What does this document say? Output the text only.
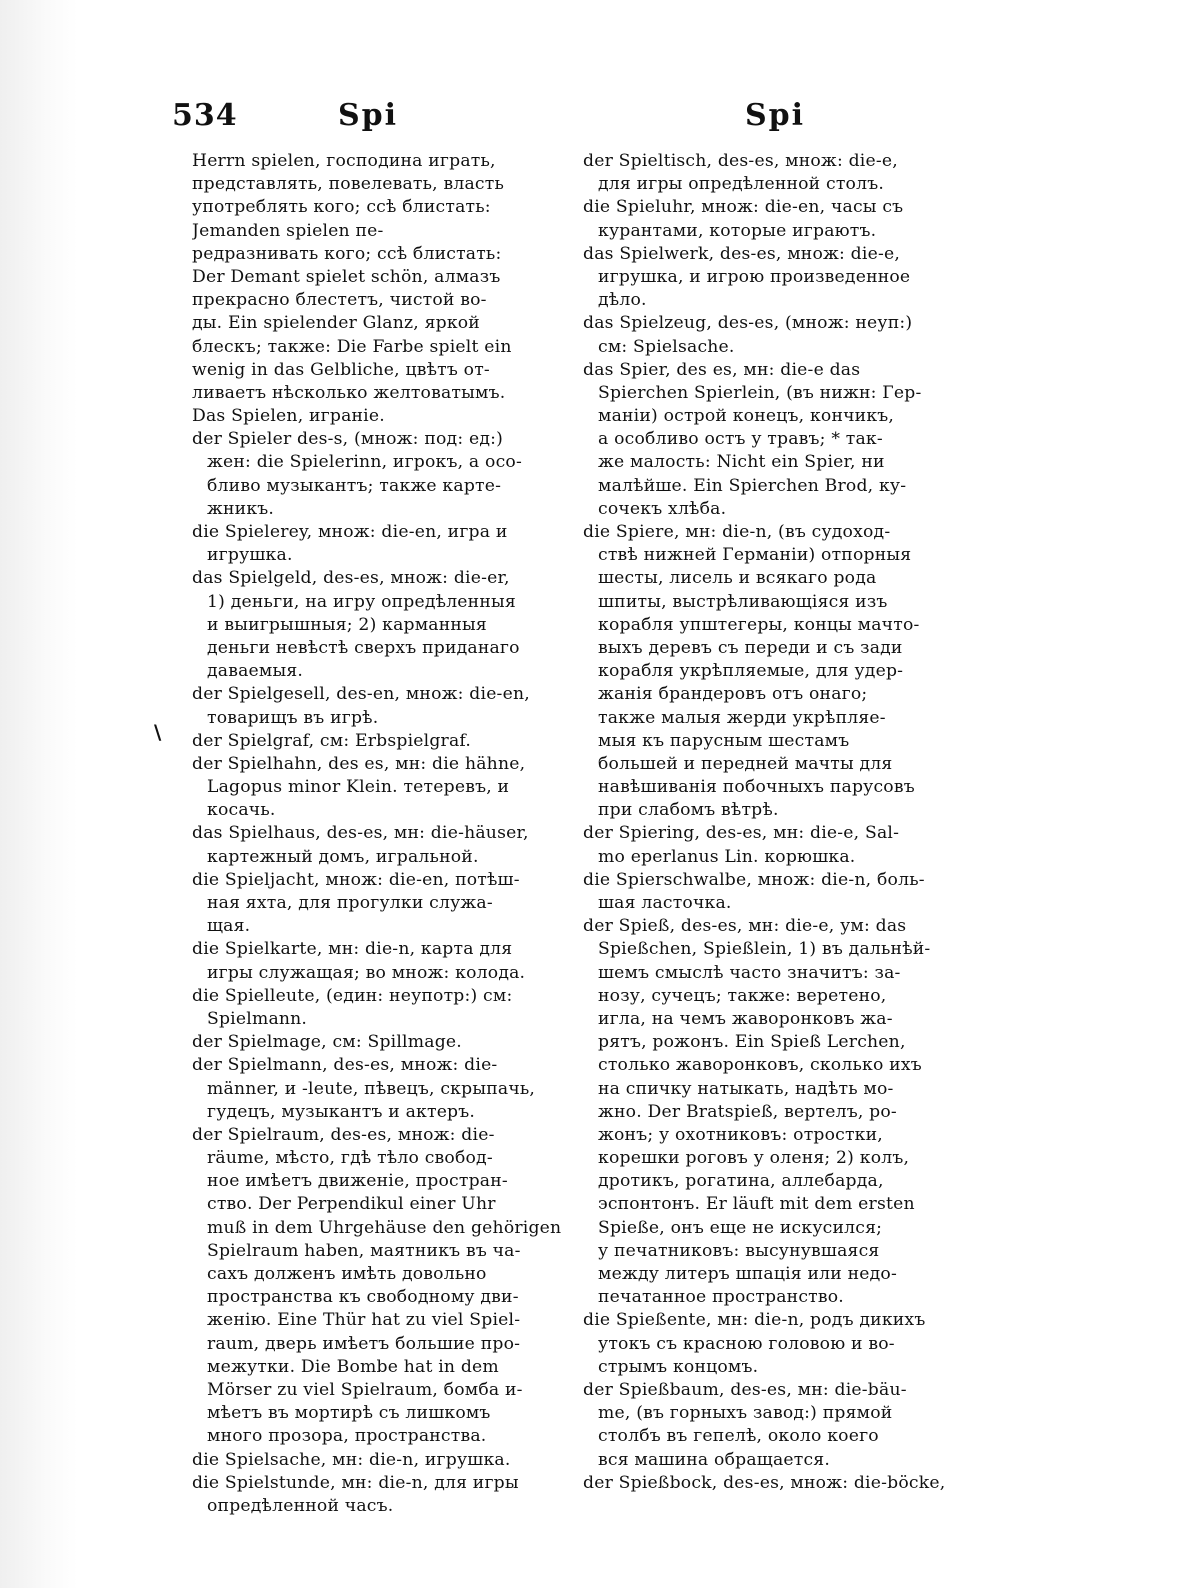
534	Spi	Spi
\
Herrn spielen, господина играть,
представлять, повелевать, власть
употреблять кого; ссѣ блистать:
Jemanden spielen пе-
редразнивать кого; ссѣ блистать:
Der Demant spielet schön, алмазъ
прекрасно блестетъ, чистой во-
ды. Ein spielender Glanz, яркой
блескъ; также: Die Farbe spielt ein
wenig in das Gelbliche, цвѣтъ от-
ливаетъ нѣсколько желтоватымъ.
Das Spielen, играніе.
der Spieler des-s, (множ: под: ед:)
жен: die Spielerinn, игрокъ, а осо-
бливо музыкантъ; также карте-
жникъ.
die Spielerey, множ: die-en, игра и
игрушка.
das Spielgeld, des-es, множ: die-er,
1) деньги, на игру опредѣленныя
и выигрышныя; 2) карманныя
деньги невѣстѣ сверхъ приданаго
даваемыя.
der Spielgesell, des-en, множ: die-en,
товарищъ въ игрѣ.
der Spielgraf, см: Erbspielgraf.
der Spielhahn, des es, мн: die hähne,
Lagopus minor Klein. тетеревъ, и
косачь.
das Spielhaus, des-es, мн: die-häuser,
картежный домъ, игральной.
die Spieljacht, множ: die-en, потѣш-
ная яхта, для прогулки служа-
щая.
die Spielkarte, мн: die-n, карта для
игры служащая; во множ: колода.
die Spielleute, (един: неупотр:) см:
Spielmann.
der Spielmage, см: Spillmage.
der Spielmann, des-es, множ: die-
männer, и -leute, пѣвецъ, скрыпачь,
гудецъ, музыкантъ и актеръ.
der Spielraum, des-es, множ: die-
räume, мѣсто, гдѣ тѣло свобод-
ное имѣетъ движеніе, простран-
ство. Der Perpendikul einer Uhr
muß in dem Uhrgehäuse den gehörigen
Spielraum haben, маятникъ въ ча-
сахъ долженъ имѣть довольно
пространства къ свободному дви-
женію. Eine Thür hat zu viel Spiel-
raum, дверь имѣетъ большие про-
межутки. Die Bombe hat in dem
Mörser zu viel Spielraum, бомба и-
мѣетъ въ мортирѣ съ лишкомъ
много прозора, пространства.
die Spielsache, мн: die-n, игрушка.
die Spielstunde, мн: die-n, для игры
опредѣленной часъ.
der Spieltisch, des-es, множ: die-e,
для игры опредѣленной столъ.
die Spieluhr, множ: die-en, часы съ
курантами, которые играютъ.
das Spielwerk, des-es, множ: die-e,
игрушка, и игрою произведенное
дѣло.
das Spielzeug, des-es, (множ: неуп:)
см: Spielsache.
das Spier, des es, мн: die-e das
Spierchen Spierlein, (въ нижн: Гер-
маніи) острой конецъ, кончикъ,
а особливо остъ у травъ; * так-
же малость: Nicht ein Spier, ни
малѣйше. Ein Spierchen Brod, ку-
сочекъ хлѣба.
die Spiere, мн: die-n, (въ судоход-
ствѣ нижней Германіи) отпорныя
шесты, лисель и всякаго рода
шпиты, выстрѣливающіяся изъ
корабля упштегеры, концы мачто-
выхъ деревъ съ переди и съ зади
корабля укрѣпляемые, для удер-
жанія брандеровъ отъ онаго;
также малыя жерди укрѣпляе-
мыя къ парусным шестамъ
большей и передней мачты для
навѣшиванія побочныхъ парусовъ
при слабомъ вѣтрѣ.
der Spiering, des-es, мн: die-e, Sal-
mo eperlanus Lin. корюшка.
die Spierschwalbe, множ: die-n, боль-
шая ласточка.
der Spieß, des-es, мн: die-e, ум: das
Spießchen, Spießlein, 1) въ дальнѣй-
шемъ смыслѣ часто значитъ: за-
нозу, сучецъ; также: веретено,
игла, на чемъ жаворонковъ жа-
рятъ, рожонъ. Ein Spieß Lerchen,
столько жаворонковъ, сколько ихъ
на спичку натыкать, надѣть мо-
жно. Der Bratspieß, вертелъ, ро-
жонъ; у охотниковъ: отростки,
корешки роговъ у оленя; 2) колъ,
дротикъ, рогатина, аллебарда,
эспонтонъ. Er läuft mit dem ersten
Spieße, онъ еще не искусился;
у печатниковъ: высунувшаяся
между литеръ шпація или недо-
печатанное пространство.
die Spießente, мн: die-n, родъ дикихъ
утокъ съ красною головою и во-
стрымъ концомъ.
der Spießbaum, des-es, мн: die-bäu-
me, (въ горныхъ завод:) прямой
столбъ въ гепелѣ, около коего
вся машина обращается.
der Spießbock, des-es, множ: die-böcke,
